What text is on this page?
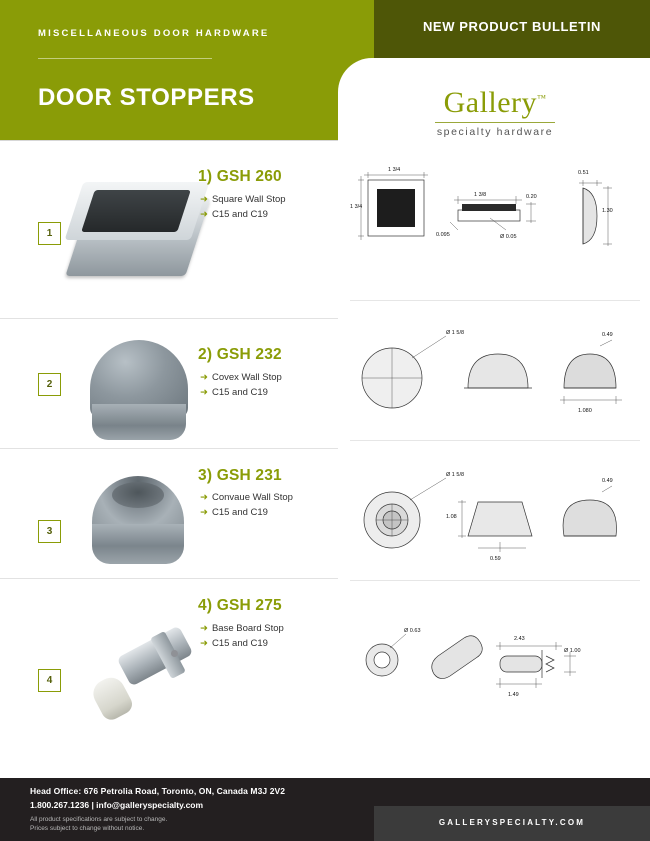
MISCELLANEOUS DOOR HARDWARE
DOOR STOPPERS
NEW PRODUCT BULLETIN
Gallery™
specialty hardware
1
1) GSH 260
➜ Square Wall Stop
➜ C15 and C19
1 3/4
1 3/4
1 3/8	0.20
0.095	Ø 0.05
0.51
1.30
2
2) GSH 232
➜ Covex Wall Stop
➜ C15 and C19
Ø 1 5/8	0.49
1.080
3
3) GSH 231
➜ Convaue Wall Stop
➜ C15 and C19
Ø 1 5/8
1.08
0.49
0.59
4
4) GSH 275
➜ Base Board Stop
➜ C15 and C19
Ø 0.63
2.43
Ø 1.00
1.49
Head Office: 676 Petrolia Road, Toronto, ON, Canada M3J 2V2
1.800.267.1236 | info@galleryspecialty.com
All product specifications are subject to change.
Prices subject to change without notice.
GALLERYSPECIALTY.COM
